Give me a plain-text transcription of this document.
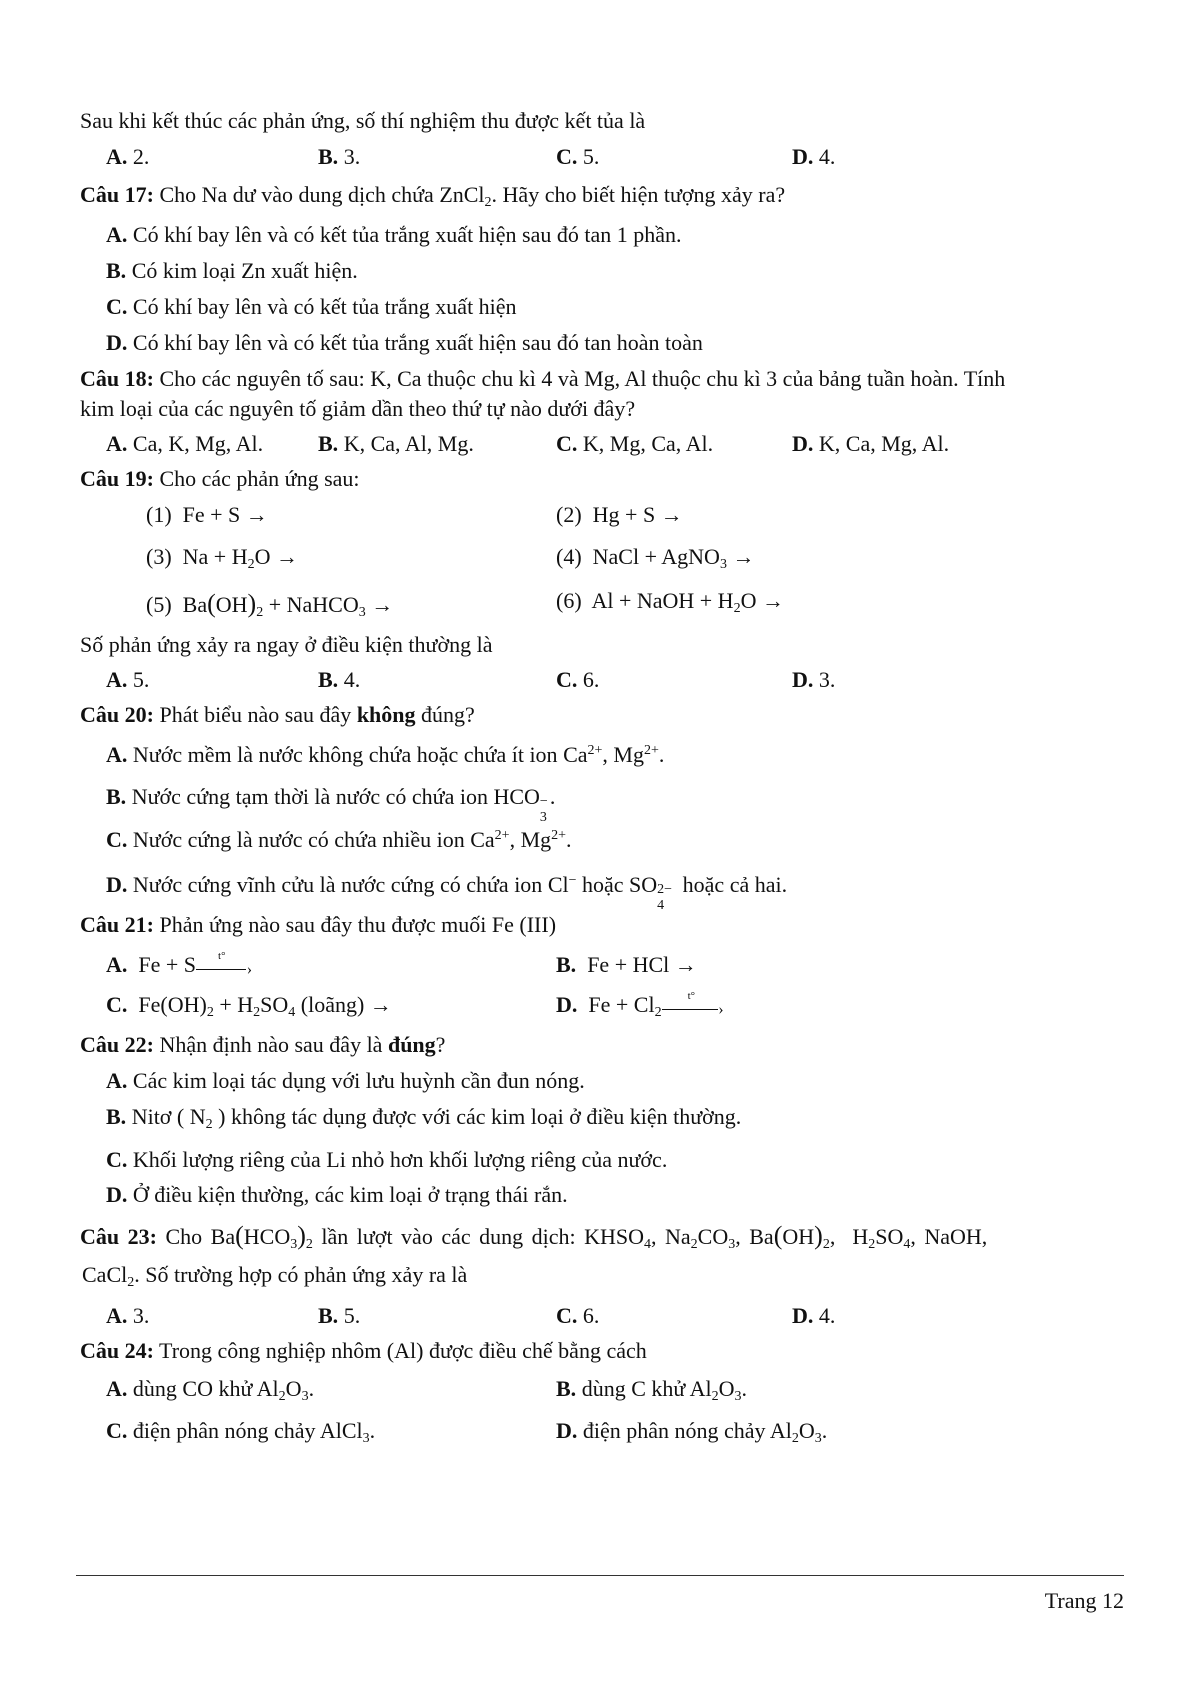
Sau khi kết thúc các phản ứng, số thí nghiệm thu được kết tủa là
A. 2.	B. 3.	C. 5.	D. 4.
Câu 17: Cho Na dư vào dung dịch chứa ZnCl$_2$. Hãy cho biết hiện tượng xảy ra?
A. Có khí bay lên và có kết tủa trắng xuất hiện sau đó tan 1 phần.
B. Có kim loại Zn xuất hiện.
C. Có khí bay lên và có kết tủa trắng xuất hiện
D. Có khí bay lên và có kết tủa trắng xuất hiện sau đó tan hoàn toàn
Câu 18: Cho các nguyên tố sau: K, Ca thuộc chu kì 4 và Mg, Al thuộc chu kì 3 của bảng tuần hoàn. Tính
kim loại của các nguyên tố giảm dần theo thứ tự nào dưới đây?
A. Ca, K, Mg, Al. B. K, Ca, Al, Mg.	C. K, Mg, Ca, Al.	D. K, Ca, Mg, Al.
Câu 19: Cho các phản ứng sau:
(1)  Fe + S →	(2)  Hg + S →
(3)  $Na + H_2O$ →	(4)  NaCl + AgNO$_3$ →
(5)  $Ba(OH)_2$ + NaHCO$_3$ →	(6)  Al + NaOH + $H_2O$ →
Số phản ứng xảy ra ngay ở điều kiện thường là
A. 5.	B. 4.	C. 6.	D. 3.
Câu 20: Phát biểu nào sau đây không đúng?
A. Nước mềm là nước không chứa hoặc chứa ít ion $Ca^{2+}$, $Mg^{2+}$.
B. Nước cứng tạm thời là nước có chứa ion HCO −
3
.
C. Nước cứng là nước có chứa nhiều ion $Ca^{2+}$, $Mg^{2+}$.
D. Nước cứng vĩnh cửu là nước cứng có chứa ion Cl− hoặc SO 2−
4
hoặc cả hai.
Câu 21: Phản ứng nào sau đây thu được muối Fe (III)
A.  Fe + S t°
›	B.  Fe + HCl →
C.  $Fe(OH)_2 + H_2SO_4$ (loãng) →	D.  $Fe + Cl_2$
t°
›
Câu 22: Nhận định nào sau đây là đúng?
A. Các kim loại tác dụng với lưu huỳnh cần đun nóng.
B. Nitơ ( $N_2$ ) không tác dụng được với các kim loại ở điều kiện thường.
C. Khối lượng riêng của Li nhỏ hơn khối lượng riêng của nước.
D. Ở điều kiện thường, các kim loại ở trạng thái rắn.
Câu 23: Cho $Ba(HCO_3)_2$ lần lượt vào các dung dịch: $KHSO_4$, $Na_2CO_3$, $Ba(OH)_2$,  $H_2SO_4$, NaOH,
CaCl$_2$. Số trường hợp có phản ứng xảy ra là
A. 3.	B. 5.	C. 6.	D. 4.
Câu 24: Trong công nghiệp nhôm (Al) được điều chế bằng cách
A. dùng CO khử $Al_2O_3$.	B. dùng C khử $Al_2O_3$.
C. điện phân nóng chảy AlCl$_3$.	D. điện phân nóng chảy $Al_2O_3$.
Trang 12
